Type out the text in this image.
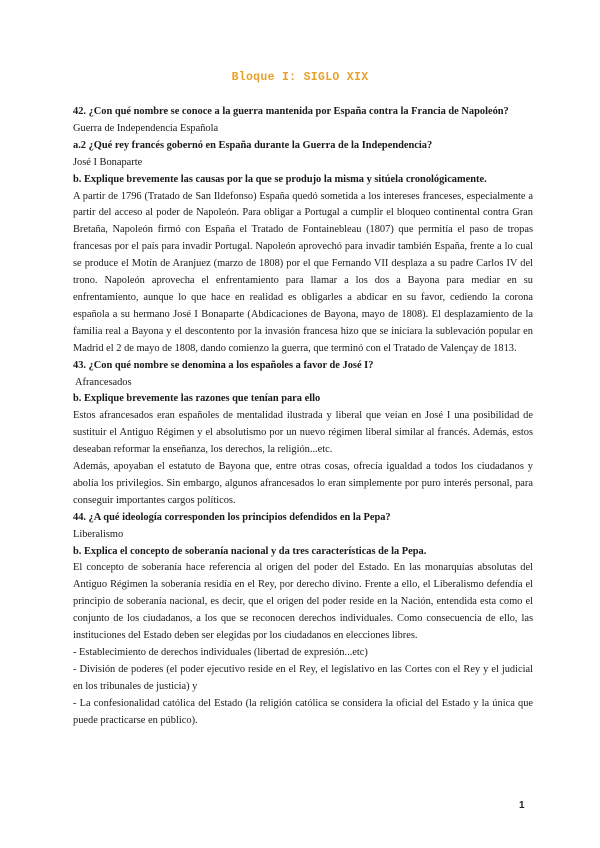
Bloque I: SIGLO XIX

42. ¿Con qué nombre se conoce a la guerra mantenida por España contra la Francia de Napoleón?

Guerra de Independencia Española

a.2 ¿Qué rey francés gobernó en España durante la Guerra de la Independencia?

José I Bonaparte

b. Explique brevemente las causas por la que se produjo la misma y sitúela cronológicamente.

A partir de 1796 (Tratado de San Ildefonso) España quedó sometida a los intereses franceses, especialmente a partir del acceso al poder de Napoleón. Para obligar a Portugal a cumplir el bloqueo continental contra Gran Bretaña, Napoleón firmó con España el Tratado de Fontainebleau (1807) que permitía el paso de tropas francesas por el país para invadir Portugal. Napoleón aprovechó para invadir también España, frente a lo cual se produce el Motín de Aranjuez (marzo de 1808) por el que Fernando VII desplaza a su padre Carlos IV del trono. Napoleón aprovecha el enfrentamiento para llamar a los dos a Bayona para mediar en su enfrentamiento, aunque lo que hace en realidad es obligarles a abdicar en su favor, cediendo la corona española a su hermano José I Bonaparte (Abdicaciones de Bayona, mayo de 1808). El desplazamiento de la familia real a Bayona y el descontento por la invasión francesa hizo que se iniciara la sublevación popular en Madrid el 2 de mayo de 1808, dando comienzo la guerra, que terminó con el Tratado de Valençay de 1813.

43. ¿Con qué nombre se denomina a los españoles a favor de José I?

Afrancesados

b. Explique brevemente las razones que tenían para ello

Estos afrancesados eran españoles de mentalidad ilustrada y liberal que veían en José I una posibilidad de sustituir el Antiguo Régimen y el absolutismo por un nuevo régimen liberal similar al francés. Además, estos deseaban reformar la enseñanza, los derechos, la religión...etc.

Además, apoyaban el estatuto de Bayona que, entre otras cosas, ofrecía igualdad a todos los ciudadanos y abolía los privilegios. Sin embargo, algunos afrancesados lo eran simplemente por puro interés personal, para conseguir importantes cargos políticos.

44. ¿A qué ideología corresponden los principios defendidos en la Pepa?

Liberalismo

b. Explica el concepto de soberanía nacional y da tres características de la Pepa.

El concepto de soberanía hace referencia al origen del poder del Estado. En las monarquías absolutas del Antiguo Régimen la soberanía residía en el Rey, por derecho divino. Frente a ello, el Liberalismo defendía el principio de soberanía nacional, es decir, que el origen del poder reside en la Nación, entendida esta como el conjunto de los ciudadanos, a los que se reconocen derechos individuales. Como consecuencia de ello, las instituciones del Estado deben ser elegidas por los ciudadanos en elecciones libres.

- Establecimiento de derechos individuales (libertad de expresión...etc)

- División de poderes (el poder ejecutivo reside en el Rey, el legislativo en las Cortes con el Rey y el judicial en los tribunales de justicia) y

- La confesionalidad católica del Estado (la religión católica se considera la oficial del Estado y la única que puede practicarse en público).

1
